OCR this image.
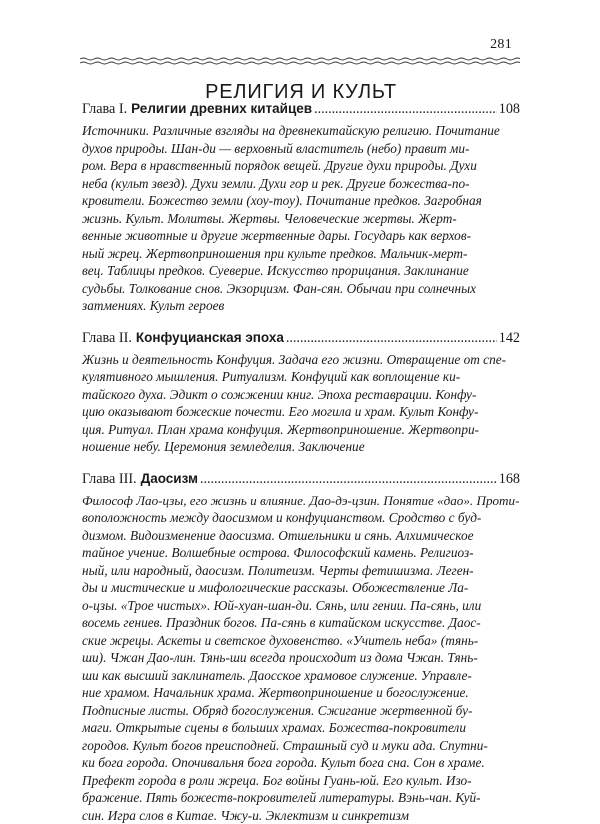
281
РЕЛИГИЯ И КУЛЬТ
Глава I. Религии древних китайцев . . .	108
Источники. Различные взгляды на древнекитайскую религию. Почитание
духов природы. Шан-ди — верховный властитель (небо) правит ми-
ром. Вера в нравственный порядок вещей. Другие духи природы. Духи
неба (культ звезд). Духи земли. Духи гор и рек. Другие божества-по-
кровители. Божество земли (хоу-тоу). Почитание предков. Загробная
жизнь. Культ. Молитвы. Жертвы. Человеческие жертвы. Жерт-
венные животные и другие жертвенные дары. Государь как верхов-
ный жрец. Жертвоприношения при культе предков. Мальчик-мерт-
вец. Таблицы предков. Суеверие. Искусство прорицания. Заклинание
судьбы. Толкование снов. Экзорцизм. Фан-сян. Обычаи при солнечных
затмениях. Культ героев
Глава II. Конфуцианская эпоха . . .	142
Жизнь и деятельность Конфуция. Задача его жизни. Отвращение от спе-
кулятивного мышления. Ритуализм. Конфуций как воплощение ки-
тайского духа. Эдикт о сожжении книг. Эпоха реставрации. Конфу-
цию оказывают божеские почести. Его могила и храм. Культ Конфу-
ция. Ритуал. План храма конфуция. Жертвоприношение. Жертвопри-
ношение небу. Церемония земледелия. Заключение
Глава III. Даосизм . . .	168
Философ Лао-цзы, его жизнь и влияние. Дао-дэ-цзин. Понятие «дао». Проти-
воположность между даосизмом и конфуцианством. Сродство с буд-
дизмом. Видоизменение даосизма. Отшельники и сянь. Алхимическое
тайное учение. Волшебные острова. Философский камень. Религиоз-
ный, или народный, даосизм. Политеизм. Черты фетишизма. Леген-
ды и мистические и мифологические рассказы. Обожествление Ла-
о-цзы. «Трое чистых». Юй-хуан-шан-ди. Сянь, или гении. Па-сянь, или
восемь гениев. Праздник богов. Па-сянь в китайском искусстве. Даос-
ские жрецы. Аскеты и светское духовенство. «Учитель неба» (тянь-
ши). Чжан Дао-лин. Тянь-ши всегда происходит из дома Чжан. Тянь-
ши как высший заклинатель. Даосское храмовое служение. Управле-
ние храмом. Начальник храма. Жертвоприношение и богослужение.
Подписные листы. Обряд богослужения. Сжигание жертвенной бу-
маги. Открытые сцены в больших храмах. Божества-покровители
городов. Культ богов преисподней. Страшный суд и муки ада. Спутни-
ки бога города. Опочивальня бога города. Культ бога сна. Сон в храме.
Префект города в роли жреца. Бог войны Гуань-юй. Его культ. Изо-
бражение. Пять божеств-покровителей литературы. Вэнь-чан. Куй-
син. Игра слов в Китае. Чжу-и. Эклектизм и синкретизм
